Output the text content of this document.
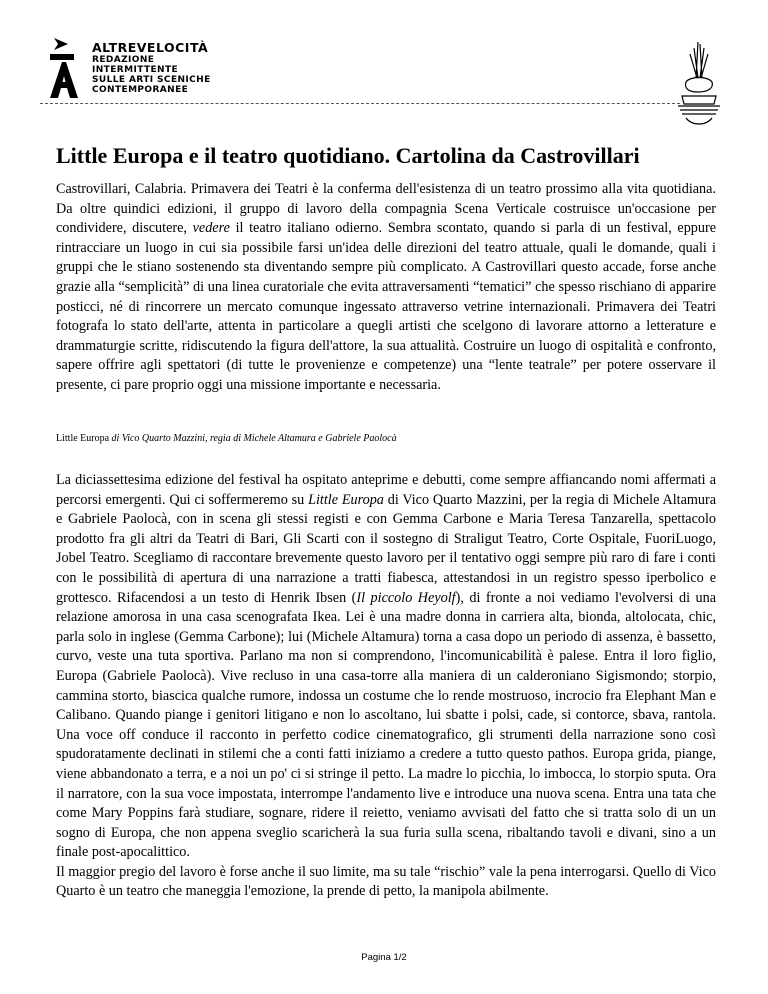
ALTREVELOCITÀ
REDAZIONE
INTERMITTENTE
SULLE ARTI SCENICHE
CONTEMPORANEE
Little Europa e il teatro quotidiano. Cartolina da Castrovillari

Castrovillari, Calabria. Primavera dei Teatri è la conferma dell'esistenza di un teatro prossimo alla vita quotidiana. Da oltre quindici edizioni, il gruppo di lavoro della compagnia Scena Verticale costruisce un'occasione per condividere, discutere, vedere il teatro italiano odierno. Sembra scontato, quando si parla di un festival, eppure rintracciare un luogo in cui sia possibile farsi un'idea delle direzioni del teatro attuale, quali le domande, quali i gruppi che le stiano sostenendo sta diventando sempre più complicato. A Castrovillari questo accade, forse anche grazie alla “semplicità” di una linea curatoriale che evita attraversamenti “tematici” che spesso rischiano di apparire posticci, né di rincorrere un mercato comunque ingessato attraverso vetrine internazionali. Primavera dei Teatri fotografa lo stato dell'arte, attenta in particolare a quegli artisti che scelgono di lavorare attorno a letterature e drammaturgie scritte, ridiscutendo la figura dell'attore, la sua attualità. Costruire un luogo di ospitalità e confronto, sapere offrire agli spettatori (di tutte le provenienze e competenze) una “lente teatrale” per potere osservare il presente, ci pare proprio oggi una missione importante e necessaria.

Little Europa di Vico Quarto Mazzini, regia di Michele Altamura e Gabriele Paolocà

La diciassettesima edizione del festival ha ospitato anteprime e debutti, come sempre affiancando nomi affermati a percorsi emergenti. Qui ci soffermeremo su Little Europa di Vico Quarto Mazzini, per la regia di Michele Altamura e Gabriele Paolocà, con in scena gli stessi registi e con Gemma Carbone e Maria Teresa Tanzarella, spettacolo prodotto fra gli altri da Teatri di Bari, Gli Scarti con il sostegno di Straligut Teatro, Corte Ospitale, FuoriLuogo, Jobel Teatro. Scegliamo di raccontare brevemente questo lavoro per il tentativo oggi sempre più raro di fare i conti con le possibilità di apertura di una narrazione a tratti fiabesca, attestandosi in un registro spesso iperbolico e grottesco. Rifacendosi a un testo di Henrik Ibsen (Il piccolo Heyolf), di fronte a noi vediamo l'evolversi di una relazione amorosa in una casa scenografata Ikea. Lei è una madre donna in carriera alta, bionda, altolocata, chic, parla solo in inglese (Gemma Carbone); lui (Michele Altamura) torna a casa dopo un periodo di assenza, è bassetto, curvo, veste una tuta sportiva. Parlano ma non si comprendono, l'incomunicabilità è palese. Entra il loro figlio, Europa (Gabriele Paolocà). Vive recluso in una casa-torre alla maniera di un calderoniano Sigismondo; storpio, cammina storto, biascica qualche rumore, indossa un costume che lo rende mostruoso, incrocio fra Elephant Man e Calibano. Quando piange i genitori litigano e non lo ascoltano, lui sbatte i polsi, cade, si contorce, sbava, rantola. Una voce off conduce il racconto in perfetto codice cinematografico, gli strumenti della narrazione sono così spudoratamente declinati in stilemi che a conti fatti iniziamo a credere a tutto questo pathos. Europa grida, piange, viene abbandonato a terra, e a noi un po' ci si stringe il petto. La madre lo picchia, lo imbocca, lo storpio sputa. Ora il narratore, con la sua voce impostata, interrompe l'andamento live e introduce una nuova scena. Entra una tata che come Mary Poppins farà studiare, sognare, ridere il reietto, veniamo avvisati del fatto che si tratta solo di un un sogno di Europa, che non appena sveglio scaricherà la sua furia sulla scena, ribaltando tavoli e divani, sino a un finale post-apocalittico.
Il maggior pregio del lavoro è forse anche il suo limite, ma su tale “rischio” vale la pena interrogarsi. Quello di Vico Quarto è un teatro che maneggia l'emozione, la prende di petto, la manipola abilmente.

Pagina 1/2
